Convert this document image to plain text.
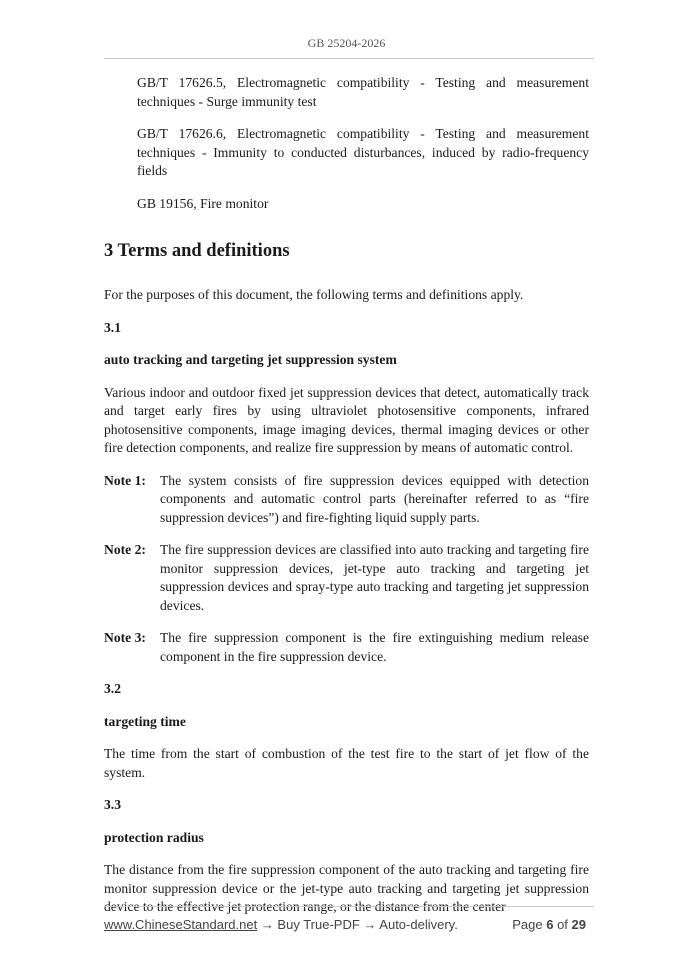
GB 25204-2026

GB/T 17626.5, Electromagnetic compatibility - Testing and measurement techniques - Surge immunity test

GB/T 17626.6, Electromagnetic compatibility - Testing and measurement techniques - Immunity to conducted disturbances, induced by radio-frequency fields

GB 19156, Fire monitor

3 Terms and definitions

For the purposes of this document, the following terms and definitions apply.

3.1

auto tracking and targeting jet suppression system

Various indoor and outdoor fixed jet suppression devices that detect, automatically track and target early fires by using ultraviolet photosensitive components, infrared photosensitive components, image imaging devices, thermal imaging devices or other fire detection components, and realize fire suppression by means of automatic control.

Note 1:	The system consists of fire suppression devices equipped with detection components and automatic control parts (hereinafter referred to as “fire suppression devices”) and fire-fighting liquid supply parts.
Note 2:	The fire suppression devices are classified into auto tracking and targeting fire monitor suppression devices, jet-type auto tracking and targeting jet suppression devices and spray-type auto tracking and targeting jet suppression devices.
Note 3:	The fire suppression component is the fire extinguishing medium release component in the fire suppression device.

3.2

targeting time

The time from the start of combustion of the test fire to the start of jet flow of the system.

3.3

protection radius

The distance from the fire suppression component of the auto tracking and targeting fire monitor suppression device or the jet-type auto tracking and targeting jet suppression device to the effective jet protection range, or the distance from the center

www.ChineseStandard.net → Buy True-PDF → Auto-delivery.	Page 6 of 29
